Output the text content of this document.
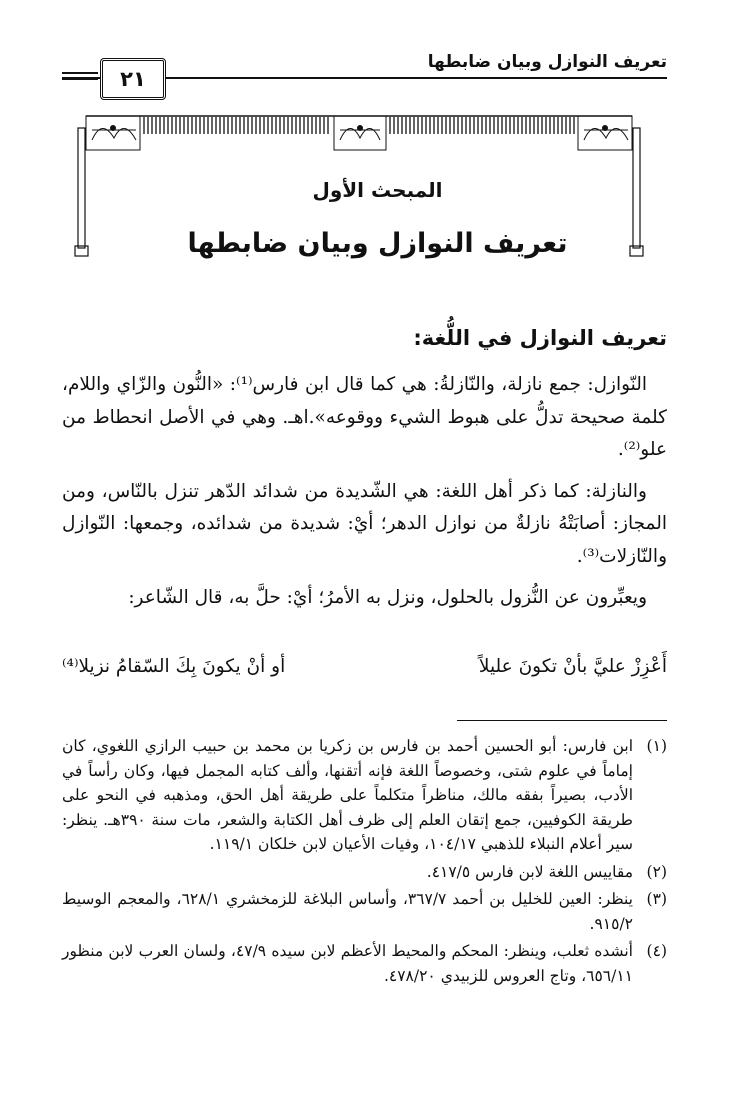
تعريف النوازل وبيان ضابطها
٢١
المبحث الأول
تعريف النوازل وبيان ضابطها
تعريف النوازل في اللُّغة:

النّوازل: جمع نازلة، والنّازلةُ: هي كما قال ابن فارس⁽¹⁾: «النُّون والزّاي واللام، كلمة صحيحة تدلُّ على هبوط الشيء ووقوعه».اهـ. وهي في الأصل انحطاط من علو⁽²⁾.

والنازلة: كما ذكر أهل اللغة: هي الشّديدة من شدائد الدّهر تنزل بالنّاس، ومن المجاز: أصابَتْهُ نازلةٌ من نوازل الدهر؛ أيْ: شديدة من شدائده، وجمعها: النّوازل والنّازلات⁽³⁾.

ويعبِّرون عن النُّزول بالحلول، ونزل به الأمرُ؛ أيْ: حلَّ به، قال الشّاعر:

أَعْزِزْ عليَّ بأنْ تكونَ عليلاً
أو أنْ يكونَ بِكَ السّقامُ نزيلا⁽⁴⁾
(١)
ابن فارس: أبو الحسين أحمد بن فارس بن زكريا بن محمد بن حبيب الرازي اللغوي، كان إماماً في علوم شتى، وخصوصاً اللغة فإنه أتقنها، وألف كتابه المجمل فيها، وكان رأساً في الأدب، بصيراً بفقه مالك، مناظراً متكلماً على طريقة أهل الحق، ومذهبه في النحو على طريقة الكوفيين، جمع إتقان العلم إلى ظرف أهل الكتابة والشعر، مات سنة ٣٩٠هـ. ينظر: سير أعلام النبلاء للذهبي ١٠٤/١٧، وفيات الأعيان لابن خلكان ١١٩/١.
(٢)
مقاييس اللغة لابن فارس ٤١٧/٥.
(٣)
ينظر: العين للخليل بن أحمد ٣٦٧/٧، وأساس البلاغة للزمخشري ٦٢٨/١، والمعجم الوسيط ٩١٥/٢.
(٤)
أنشده ثعلب، وينظر: المحكم والمحيط الأعظم لابن سيده ٤٧/٩، ولسان العرب لابن منظور ٦٥٦/١١، وتاج العروس للزبيدي ٤٧٨/٢٠.
